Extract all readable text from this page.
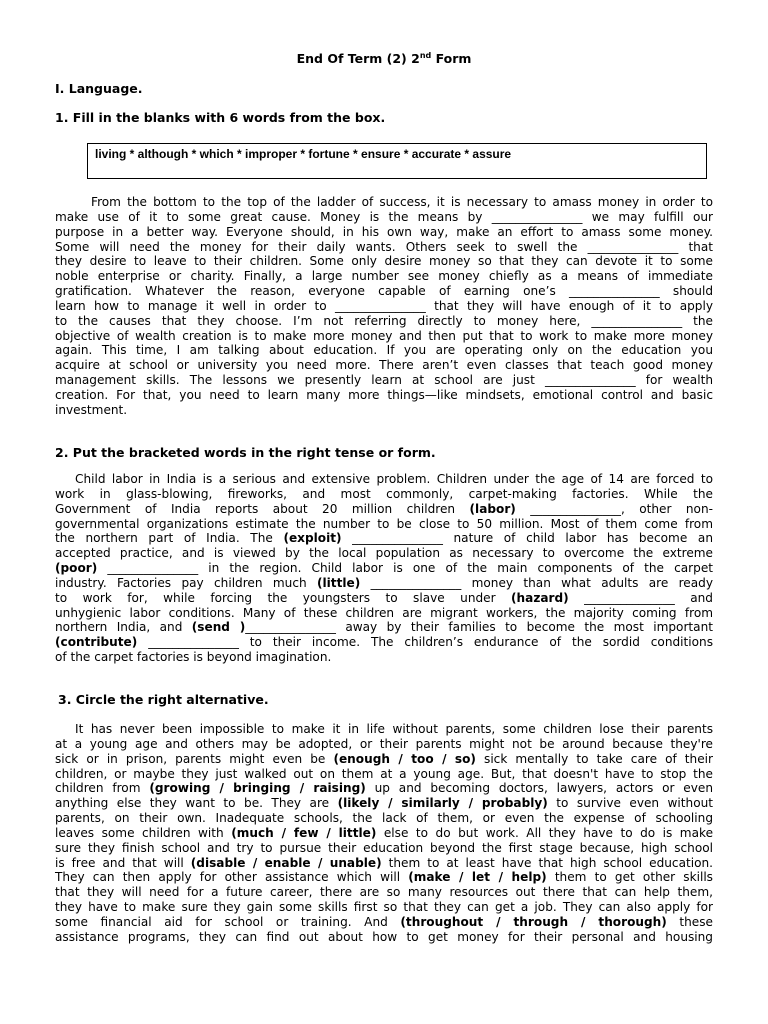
End Of Term (2) 2nd Form
I. Language.
1. Fill in the blanks with 6 words from the box.
living * although * which * improper * fortune * ensure * accurate * assure
From the bottom to the top of the ladder of success, it is necessary to amass money in order to
make use of it to some great cause. Money is the means by _______________ we may fulfill our
purpose in a better way. Everyone should, in his own way, make an effort to amass some money.
Some will need the money for their daily wants. Others seek to swell the _______________ that
they desire to leave to their children. Some only desire money so that they can devote it to some
noble enterprise or charity. Finally, a large number see money chiefly as a means of immediate
gratification. Whatever the reason, everyone capable of earning one’s _______________ should
learn how to manage it well in order to _______________ that they will have enough of it to apply
to the causes that they choose. I’m not referring directly to money here, _______________ the
objective of wealth creation is to make more money and then put that to work to make more money
again. This time, I am talking about education. If you are operating only on the education you
acquire at school or university you need more. There aren’t even classes that teach good money
management skills. The lessons we presently learn at school are just _______________ for wealth
creation. For that, you need to learn many more things—like mindsets, emotional control and basic
investment.
2. Put the bracketed words in the right tense or form.
Child labor in India is a serious and extensive problem. Children under the age of 14 are forced to
work in glass-blowing, fireworks, and most commonly, carpet-making factories. While the
Government of India reports about 20 million children (labor) _______________, other non-
governmental organizations estimate the number to be close to 50 million. Most of them come from
the northern part of India. The (exploit) _______________ nature of child labor has become an
accepted practice, and is viewed by the local population as necessary to overcome the extreme
(poor) _______________ in the region. Child labor is one of the main components of the carpet
industry. Factories pay children much (little) _______________ money than what adults are ready
to work for, while forcing the youngsters to slave under (hazard) _______________ and
unhygienic labor conditions. Many of these children are migrant workers, the majority coming from
northern India, and (send )_______________ away by their families to become the most important
(contribute) _______________ to their income. The children’s endurance of the sordid conditions
of the carpet factories is beyond imagination.
3. Circle the right alternative.
It has never been impossible to make it in life without parents, some children lose their parents
at a young age and others may be adopted, or their parents might not be around because they're
sick or in prison, parents might even be (enough / too / so) sick mentally to take care of their
children, or maybe they just walked out on them at a young age. But, that doesn't have to stop the
children from (growing / bringing / raising) up and becoming doctors, lawyers, actors or even
anything else they want to be. They are (likely / similarly / probably) to survive even without
parents, on their own. Inadequate schools, the lack of them, or even the expense of schooling
leaves some children with (much / few / little) else to do but work. All they have to do is make
sure they finish school and try to pursue their education beyond the first stage because, high school
is free and that will (disable / enable / unable) them to at least have that high school education.
They can then apply for other assistance which will (make / let / help) them to get other skills
that they will need for a future career, there are so many resources out there that can help them,
they have to make sure they gain some skills first so that they can get a job. They can also apply for
some financial aid for school or training. And (throughout / through / thorough) these
assistance programs, they can find out about how to get money for their personal and housing
